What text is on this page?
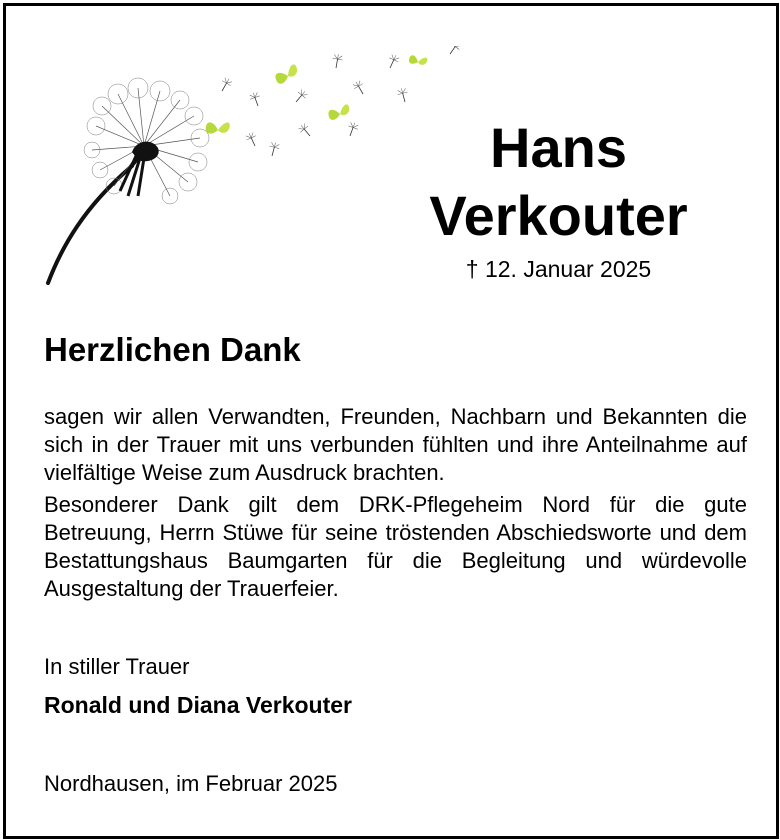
Hans
Verkouter
† 12. Januar 2025
Herzlichen Dank
sagen wir allen Verwandten, Freunden, Nachbarn und Bekannten die sich in der Trauer mit uns verbunden fühlten und ihre Anteilnahme auf vielfältige Weise zum Ausdruck brachten.
Besonderer Dank gilt dem DRK-Pflegeheim Nord für die gute Betreuung, Herrn Stüwe für seine tröstenden Abschiedsworte und dem Bestattungshaus Baumgarten für die Begleitung und würdevolle Ausgestaltung der Trauerfeier.
In stiller Trauer
Ronald und Diana Verkouter
Nordhausen, im Februar 2025
